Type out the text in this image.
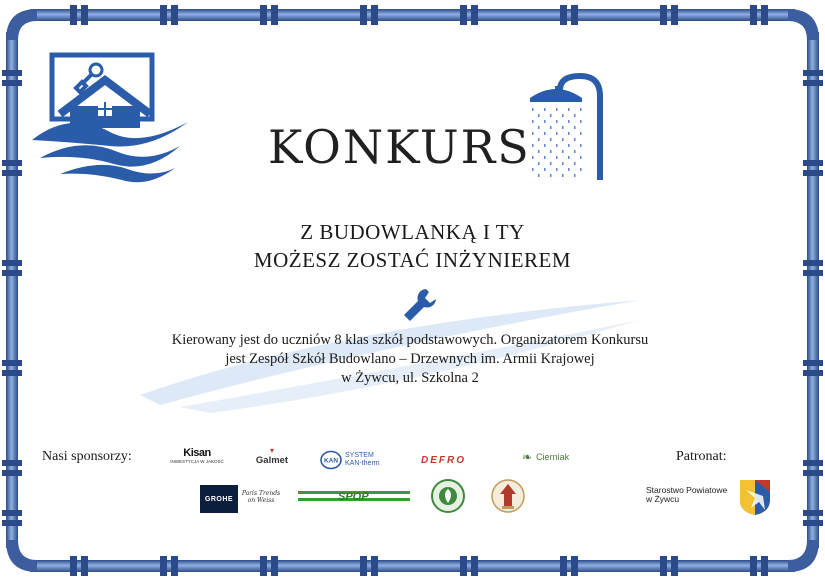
KONKURS
Z BUDOWLANKĄ I TY
MOŻESZ ZOSTAĆ INŻYNIEREM
Kierowany jest do uczniów 8 klas szkół podstawowych. Organizatorem Konkursu
jest Zespół Szkół Budowlano – Drzewnych im. Armii Krajowej
w Żywcu, ul. Szkolna 2
Nasi sponsorzy:	Patronat:
Kisan
INWESTYCJA W JAKOŚĆ
▾
Galmet	KAN
SYSTEM
KAN-therm	DEFRO	❧ Cierniak
GROHE
Paris Trends
on Weiss	SPOP
Starostwo Powiatowe
w Żywcu
